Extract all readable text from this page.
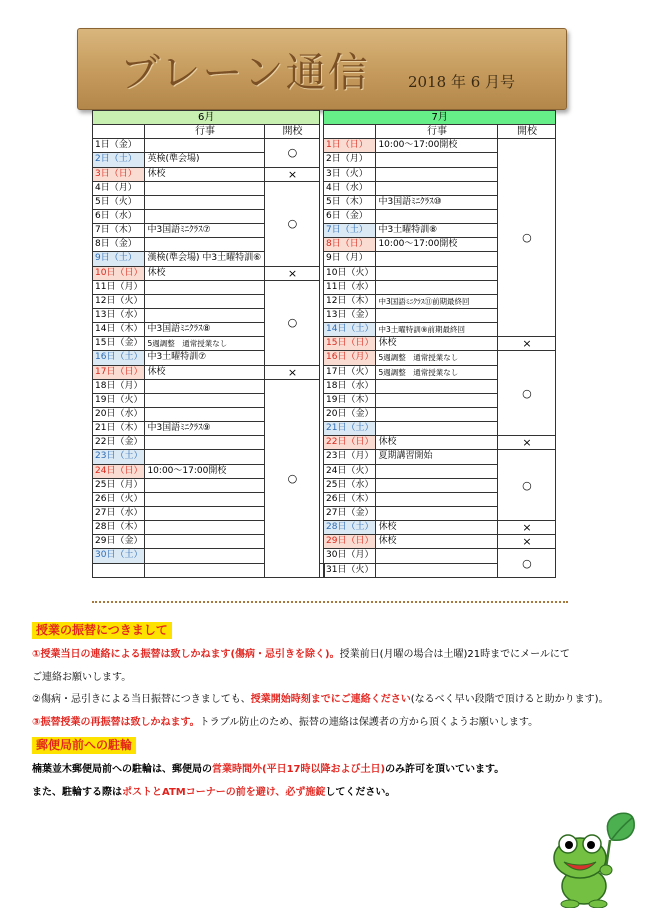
ブレーン通信	2018 年 6 月号
6月			
	行事	開校	
1日（金）		○	
2日（土）	英検(準会場)		
3日（日）	休校	×	
4日（月）		○	
5日（火）			
6日（水）			
7日（木）	中3国語ﾐﾆｸﾗｽ⑦		
8日（金）			
9日（土）	漢検(準会場) 中3土曜特訓⑥		
10日（日）	休校	×	
11日（月）		○	
12日（火）			
13日（水）			
14日（木）	中3国語ﾐﾆｸﾗｽ⑧		
15日（金）	5週調整　通常授業なし		
16日（土）	中3土曜特訓⑦		
17日（日）	休校	×	
18日（月）		○	
19日（火）			
20日（水）			
21日（木）	中3国語ﾐﾆｸﾗｽ⑨		
22日（金）			
23日（土）			
24日（日）	10:00～17:00開校		
25日（月）			
26日（火）			
27日（水）			
28日（木）			
29日（金）			
30日（土）			

7月		
	行事	開校
1日（日）	10:00～17:00開校	○
2日（月）		
3日（火）		
4日（水）		
5日（木）	中3国語ﾐﾆｸﾗｽ⑩	
6日（金）		
7日（土）	中3土曜特訓⑧	
8日（日）	10:00～17:00開校	
9日（月）		
10日（火）		
11日（水）		
12日（木）	中3国語ﾐﾆｸﾗｽ⑪前期最終回	
13日（金）		
14日（土）	中3土曜特訓⑨前期最終回	
15日（日）	休校	×
16日（月）	5週調整　通常授業なし	○
17日（火）	5週調整　通常授業なし	
18日（水）		
19日（木）		
20日（金）		
21日（土）		
22日（日）	休校	×
23日（月）	夏期講習開始	○
24日（火）		
25日（水）		
26日（木）		
27日（金）		
28日（土）	休校	×
29日（日）	休校	×
30日（月）		○
31日（火）		
授業の振替につきまして
①授業当日の連絡による振替は致しかねます(傷病・忌引きを除く)。授業前日(月曜の場合は土曜)21時までにメールにて
ご連絡お願いします。
②傷病・忌引きによる当日振替につきましても、授業開始時刻までにご連絡ください(なるべく早い段階で頂けると助かります)。
③振替授業の再振替は致しかねます。トラブル防止のため、振替の連絡は保護者の方から頂くようお願いします。
郵便局前への駐輪
楠葉並木郵便局前への駐輪は、郵便局の営業時間外(平日17時以降および土日)のみ許可を頂いています。
また、駐輪する際はポストとATMコーナーの前を避け、必ず施錠してください。
